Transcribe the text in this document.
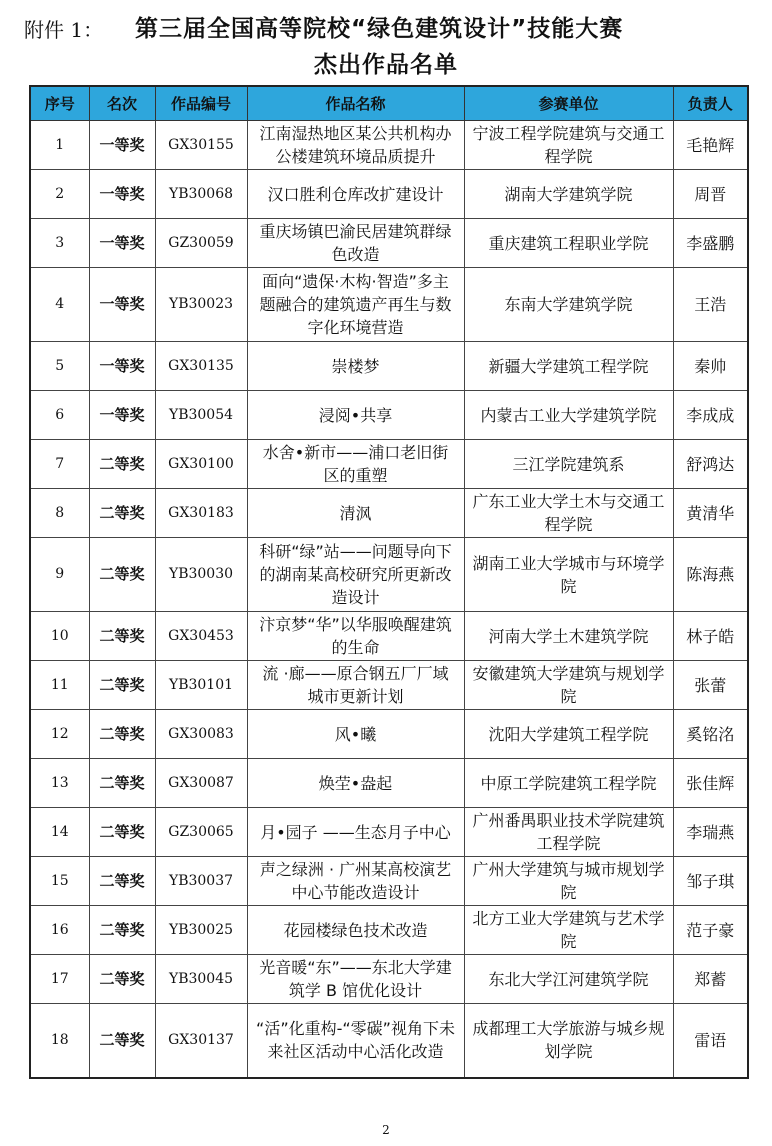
附件 1： 第三届全国高等院校“绿色建筑设计”技能大赛
杰出作品名单
序号	名次	作品编号	作品名称	参赛单位	负责人
1	一等奖	GX30155	江南湿热地区某公共机构办公楼建筑环境品质提升	宁波工程学院建筑与交通工程学院	毛艳辉
2	一等奖	YB30068	汉口胜利仓库改扩建设计	湖南大学建筑学院	周晋
3	一等奖	GZ30059	重庆场镇巴渝民居建筑群绿色改造	重庆建筑工程职业学院	李盛鹏
4	一等奖	YB30023	面向“遗保·木构·智造”多主题融合的建筑遗产再生与数字化环境营造	东南大学建筑学院	王浩
5	一等奖	GX30135	崇楼梦	新疆大学建筑工程学院	秦帅
6	一等奖	YB30054	浸阅•共享	内蒙古工业大学建筑学院	李成成
7	二等奖	GX30100	水舍•新市——浦口老旧街区的重塑	三江学院建筑系	舒鸿达
8	二等奖	GX30183	清沨	广东工业大学土木与交通工程学院	黄清华
9	二等奖	YB30030	科研“绿”站——问题导向下的湖南某高校研究所更新改造设计	湖南工业大学城市与环境学院	陈海燕
10	二等奖	GX30453	汴京梦“华”以华服唤醒建筑的生命	河南大学土木建筑学院	林子皓
11	二等奖	YB30101	流 ·廊——原合钢五厂厂域城市更新计划	安徽建筑大学建筑与规划学院	张蕾
12	二等奖	GX30083	风•曦	沈阳大学建筑工程学院	奚铭洺
13	二等奖	GX30087	焕茔•盎起	中原工学院建筑工程学院	张佳辉
14	二等奖	GZ30065	月•园子 ——生态月子中心	广州番禺职业技术学院建筑工程学院	李瑞燕
15	二等奖	YB30037	声之绿洲 · 广州某高校演艺中心节能改造设计	广州大学建筑与城市规划学院	邹子琪
16	二等奖	YB30025	花园楼绿色技术改造	北方工业大学建筑与艺术学院	范子豪
17	二等奖	YB30045	光音暖“东”——东北大学建筑学 B 馆优化设计	东北大学江河建筑学院	郑蓄
18	二等奖	GX30137	“活”化重构-“零碳”视角下未来社区活动中心活化改造	成都理工大学旅游与城乡规划学院	雷语
2
